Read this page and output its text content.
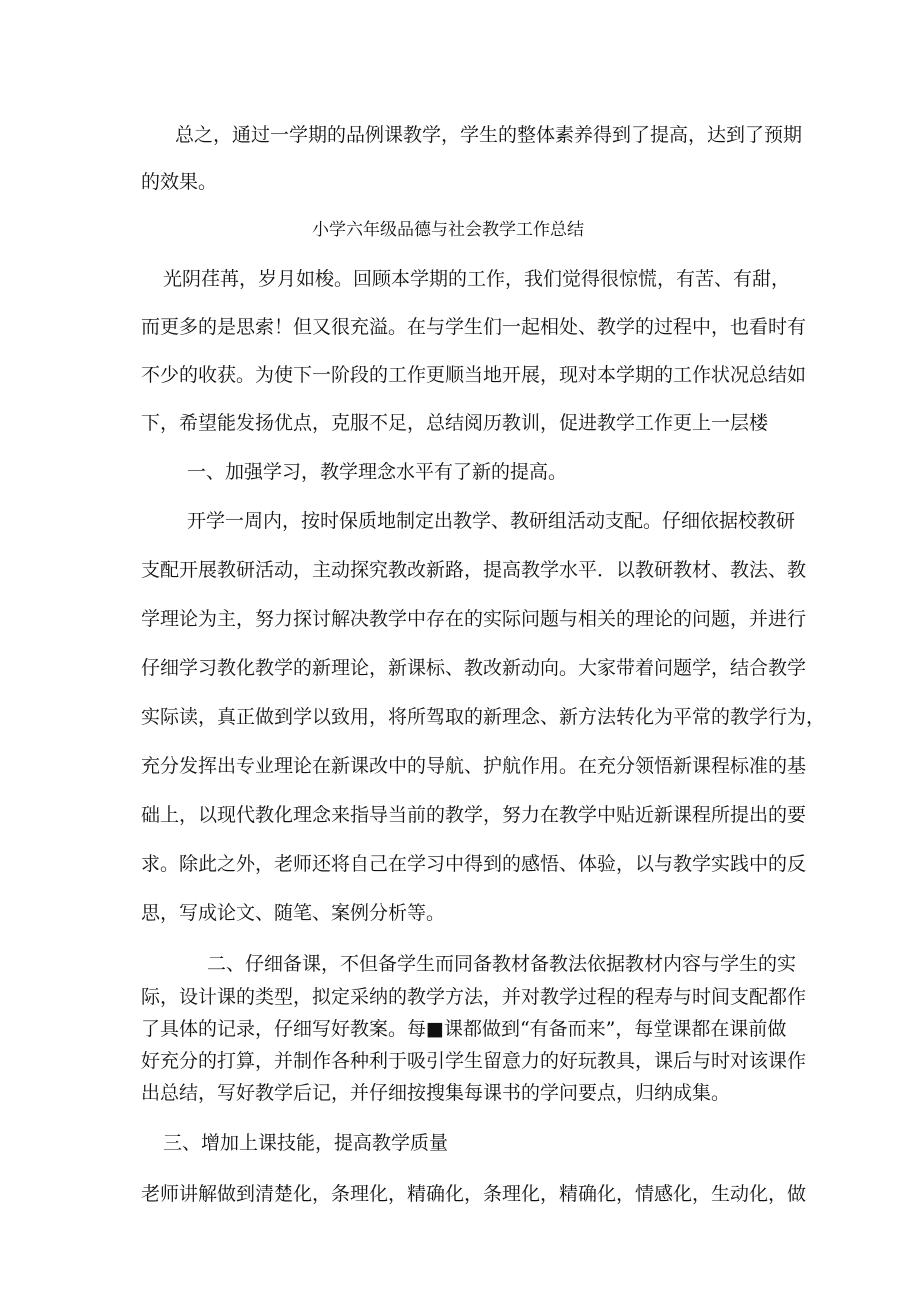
总之，通过一学期的品例课教学，学生的整体素养得到了提高，达到了预期

的效果。

小学六年级品德与社会教学工作总结

光阴荏苒，岁月如梭。回顾本学期的工作，我们觉得很惊慌，有苦、有甜，

而更多的是思索！但又很充溢。在与学生们一起相处、教学的过程中，也看时有

不少的收获。为使下一阶段的工作更顺当地开展，现对本学期的工作状况总结如

下，希望能发扬优点，克服不足，总结阅历教训，促进教学工作更上一层楼

一、加强学习，教学理念水平有了新的提高。

开学一周内，按时保质地制定出教学、教研组活动支配。仔细依据校教研

支配开展教研活动，主动探究教改新路，提高教学水平．以教研教材、教法、教

学理论为主，努力探讨解决教学中存在的实际问题与相关的理论的问题，并进行

仔细学习教化教学的新理论，新课标、教改新动向。大家带着问题学，结合教学

实际读，真正做到学以致用，将所驾取的新理念、新方法转化为平常的教学行为，

充分发挥出专业理论在新课改中的导航、护航作用。在充分领悟新课程标准的基

础上，以现代教化理念来指导当前的教学，努力在教学中贴近新课程所提出的要

求。除此之外，老师还将自己在学习中得到的感悟、体验，以与教学实践中的反

思，写成论文、随笔、案例分析等。

二、仔细备课，不但备学生而同备教材备教法依据教材内容与学生的实

际，设计课的类型，拟定采纳的教学方法，并对教学过程的程寿与时间支配都作

了具体的记录，仔细写好教案。每■课都做到“有备而来”，每堂课都在课前做

好充分的打算，并制作各种利于吸引学生留意力的好玩教具，课后与时对该课作

出总结，写好教学后记，并仔细按搜集每课书的学问要点，归纳成集。

三、增加上课技能，提高教学质量

老师讲解做到清楚化，条理化，精确化，条理化，精确化，情感化，生动化，做
